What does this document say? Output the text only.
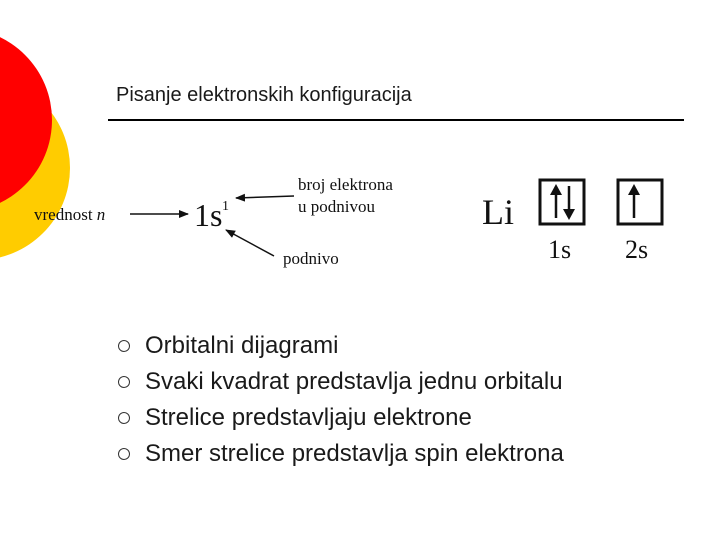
Pisanje elektronskih konfiguracija
vrednost n	1s 1
broj elektrona
u podnivou
podnivo
Li
1s 2s
Orbitalni dijagrami
Svaki kvadrat predstavlja jednu orbitalu
Strelice predstavljaju elektrone
Smer strelice predstavlja spin elektrona
